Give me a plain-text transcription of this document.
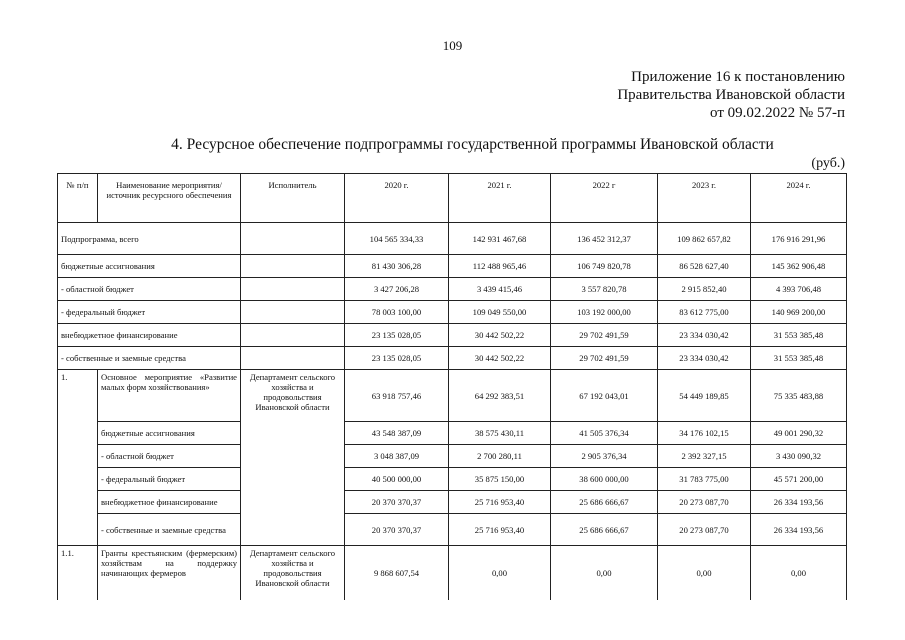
109
Приложение 16 к постановлению
Правительства Ивановской области
от 09.02.2022 № 57-п
4. Ресурсное обеспечение подпрограммы государственной программы Ивановской области
(руб.)
№ п/п	Наименование мероприятия/источник ресурсного обеспечения	Исполнитель	2020 г.	2021 г.	2022 г	2023 г.	2024 г.
Подпрограмма, всего			104 565 334,33	142 931 467,68	136 452 312,37	109 862 657,82	176 916 291,96
бюджетные ассигнования			81 430 306,28	112 488 965,46	106 749 820,78	86 528 627,40	145 362 906,48
- областной бюджет			3 427 206,28	3 439 415,46	3 557 820,78	2 915 852,40	4 393 706,48
- федеральный бюджет			78 003 100,00	109 049 550,00	103 192 000,00	83 612 775,00	140 969 200,00
внебюджетное финансирование			23 135 028,05	30 442 502,22	29 702 491,59	23 334 030,42	31 553 385,48
- собственные и заемные средства			23 135 028,05	30 442 502,22	29 702 491,59	23 334 030,42	31 553 385,48
1.	Основное мероприятие «Развитие малых форм хозяйствования»	Департамент сельского хозяйства и продовольствия Ивановской области	63 918 757,46	64 292 383,51	67 192 043,01	54 449 189,85	75 335 483,88
	бюджетные ассигнования		43 548 387,09	38 575 430,11	41 505 376,34	34 176 102,15	49 001 290,32
	- областной бюджет		3 048 387,09	2 700 280,11	2 905 376,34	2 392 327,15	3 430 090,32
	- федеральный бюджет		40 500 000,00	35 875 150,00	38 600 000,00	31 783 775,00	45 571 200,00
	внебюджетное финансирование		20 370 370,37	25 716 953,40	25 686 666,67	20 273 087,70	26 334 193,56
	- собственные и заемные средства		20 370 370,37	25 716 953,40	25 686 666,67	20 273 087,70	26 334 193,56
1.1.	Гранты крестьянским (фермерским) хозяйствам на поддержку начинающих фермеров	Департамент сельского хозяйства и продовольствия Ивановской области	9 868 607,54	0,00	0,00	0,00	0,00
